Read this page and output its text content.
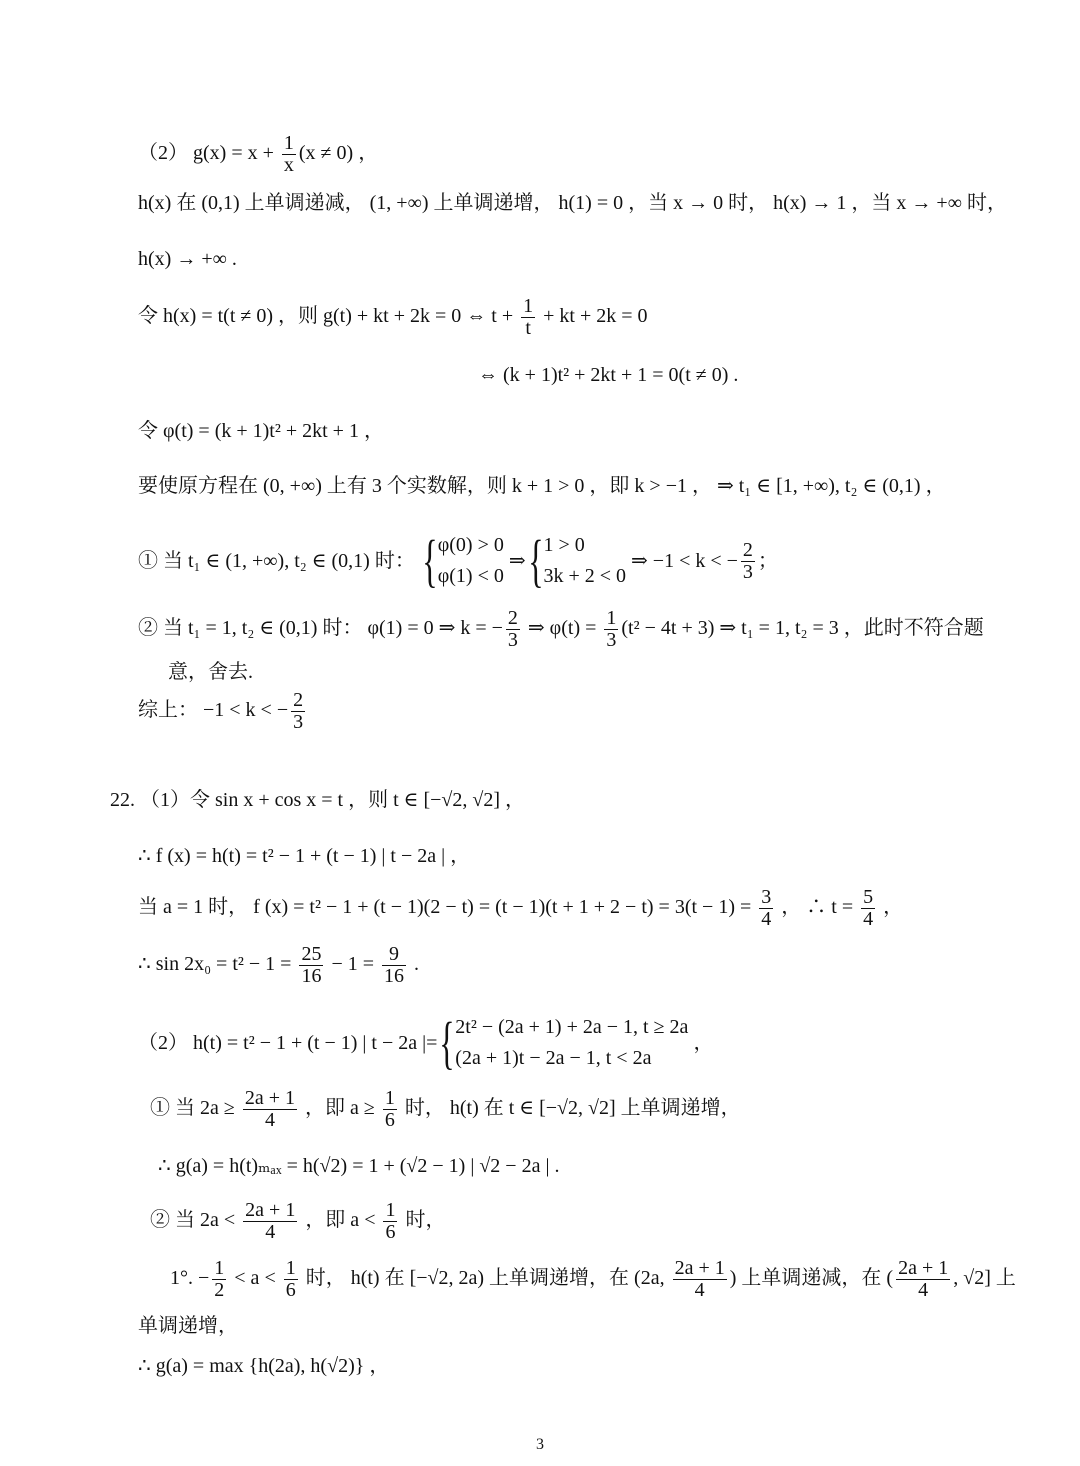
（2） $g(x) = x + \frac{1}{x} (x \ne 0)$ ，
h(x) 在 (0,1) 上单调递减， (1, +∞) 上单调递增， h(1) = 0 ，当 x → 0 时， h(x) → 1 ，当 x → +∞ 时，
h(x) → +∞ .
令 h(x) = t(t ≠ 0) ，则 g(t) + kt + 2k = 0 ⇔ $t + \frac{1}{t}$ + kt + 2k = 0
⇔ (k + 1)t² + 2kt + 1 = 0(t ≠ 0) .
令 φ(t) = (k + 1)t² + 2kt + 1 ，
要使原方程在 (0, +∞) 上有 3 个实数解，则 k + 1 > 0 ，即 k > −1 ， ⇒ t₁ ∈ [1, +∞), t₂ ∈ (0,1) ，
① 当 t₁ ∈ (1, +∞), t₂ ∈ (0,1) 时： { φ(0) > 0
φ(1) < 0
⇒{ 1 > 0
3k + 2 < 0
⇒ −1 < k < − $\frac{2}{3}$ ；
② 当 t₁ = 1, t₂ ∈ (0,1) 时： φ(1) = 0 ⇒ k = − $\frac{2}{3}$ ⇒ $\varphi(t) = \frac{1}{3} (t^2 - 4t + 3)$ ⇒ t₁ = 1, t₂ = 3 ，此时不符合题
意，舍去.
综上： −1 < k < − $\frac{2}{3}$
22. （1）令 sin x + cos x = t ，则 t ∈ [−√2, √2] ，
∴ f (x) = h(t) = t² − 1 + (t − 1) | t − 2a | ，
当 a = 1 时， f $(x) = t^2 - 1 + (t - 1)(2 - t) = (t - 1)(t + 1 + 2 - t) = 3(t - 1) = \frac{3}{4}$ ， ∴ $t = \frac{5}{4}$ ，
∴ $\sin 2x_0 = t^2 - 1 = \frac{25}{16} - 1 = \frac{9}{16}$ .
（2） h(t) = t² − 1 + (t − 1) | t − 2a |={ 2t² − (2a + 1) + 2a − 1, t ≥ 2a
(2a + 1)t − 2a − 1, t < 2a
，
① 当 $2a \ge \frac{2a + 1}{4}$ ，即 $a \ge \frac{1}{6}$ 时， h(t) 在 t ∈ [−√2, √2] 上单调递增，
∴ g(a) = h(t)ₘₐₓ = h(√2) = 1 + (√2 − 1) | √2 − 2a | .
② 当 $2a < \frac{2a + 1}{4}$ ，即 $a < \frac{1}{6}$ 时，
1°. − $\frac{1}{2} < a < \frac{1}{6}$ 时， h(t) 在 [−√2, 2a) 上单调递增，在 (2a, $\frac{2a + 1}{4}$ ) 上单调递减，在 ( $\frac{2a + 1}{4}$ , √2] 上
单调递增，
∴ g(a) = max {h(2a), h(√2)} ，
3
